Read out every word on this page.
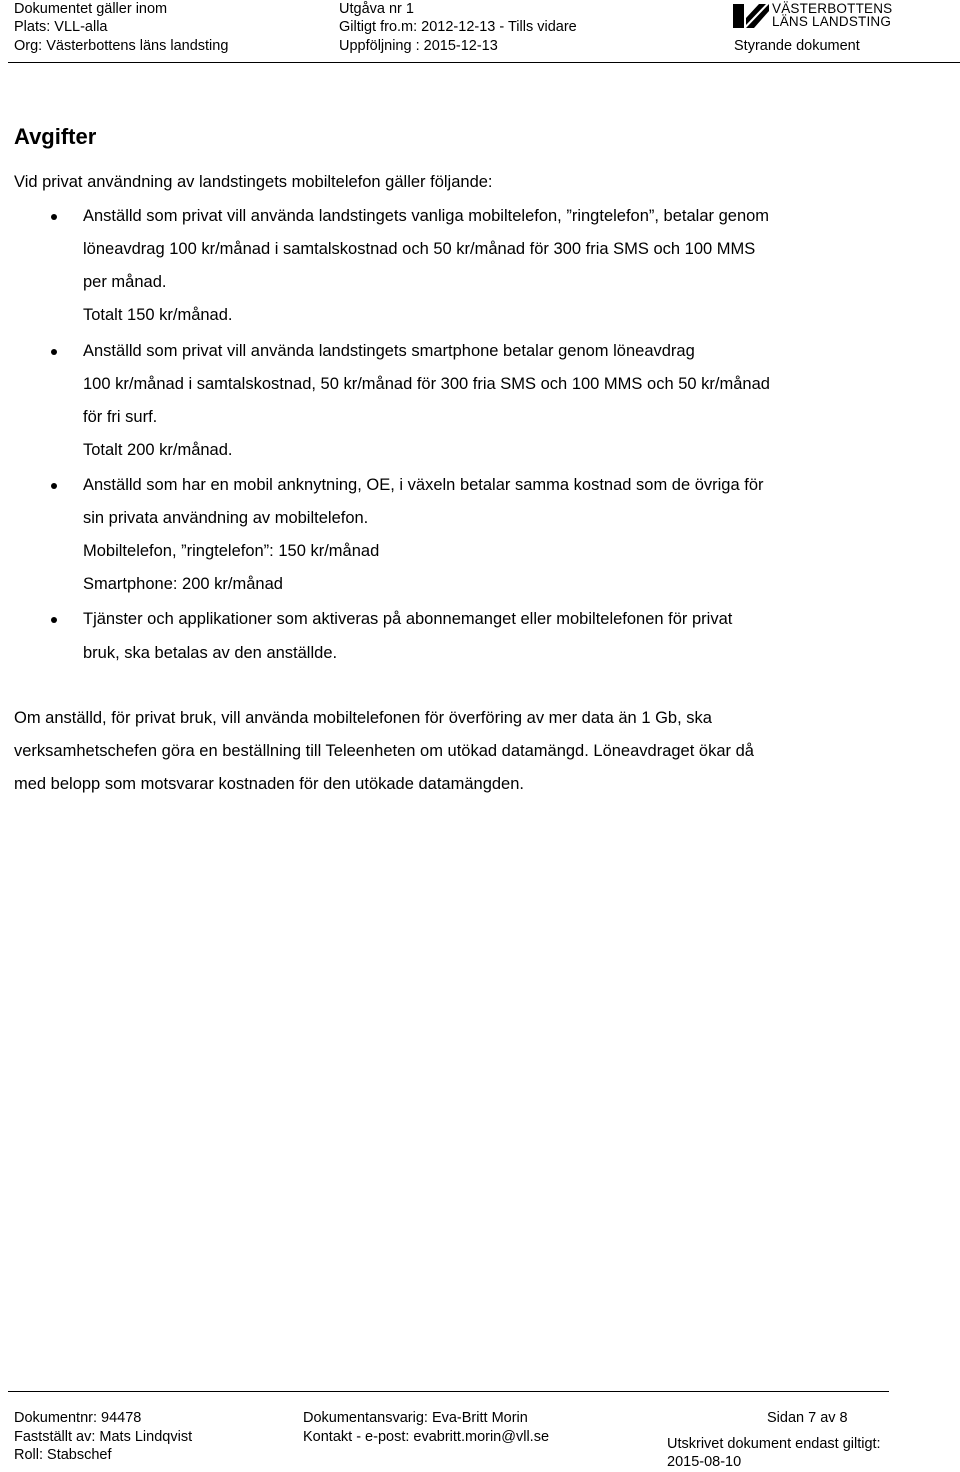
Dokumentet gäller inom
Plats: VLL-alla
Org: Västerbottens läns landsting
Utgåva nr 1
Giltigt fro.m: 2012-12-13 - Tills vidare
Uppföljning : 2015-12-13
VÄSTERBOTTENS
LÄNS LANDSTING
Styrande dokument
Avgifter
Vid privat användning av landstingets mobiltelefon gäller följande:
Anställd som privat vill använda landstingets vanliga mobiltelefon, ”ringtelefon”, betalar genom
löneavdrag 100 kr/månad i samtalskostnad och 50 kr/månad för 300 fria SMS och 100 MMS
per månad.
Totalt 150 kr/månad.
Anställd som privat vill använda landstingets smartphone betalar genom löneavdrag
100 kr/månad i samtalskostnad, 50 kr/månad för 300 fria SMS och 100 MMS och 50 kr/månad
för fri surf.
Totalt 200 kr/månad.
Anställd som har en mobil anknytning, OE, i växeln betalar samma kostnad som de övriga för
sin privata användning av mobiltelefon.
Mobiltelefon, ”ringtelefon”: 150 kr/månad
Smartphone: 200 kr/månad
Tjänster och applikationer som aktiveras på abonnemanget eller mobiltelefonen för privat
bruk, ska betalas av den anställde.
Om anställd, för privat bruk, vill använda mobiltelefonen för överföring av mer data än 1 Gb, ska
verksamhetschefen göra en beställning till Teleenheten om utökad datamängd. Löneavdraget ökar då
med belopp som motsvarar kostnaden för den utökade datamängden.
Dokumentnr: 94478
Fastställt av: Mats Lindqvist
Roll: Stabschef
Dokumentansvarig: Eva-Britt Morin
Kontakt - e-post: evabritt.morin@vll.se
Sidan 7 av 8
Utskrivet dokument endast giltigt:
2015-08-10
